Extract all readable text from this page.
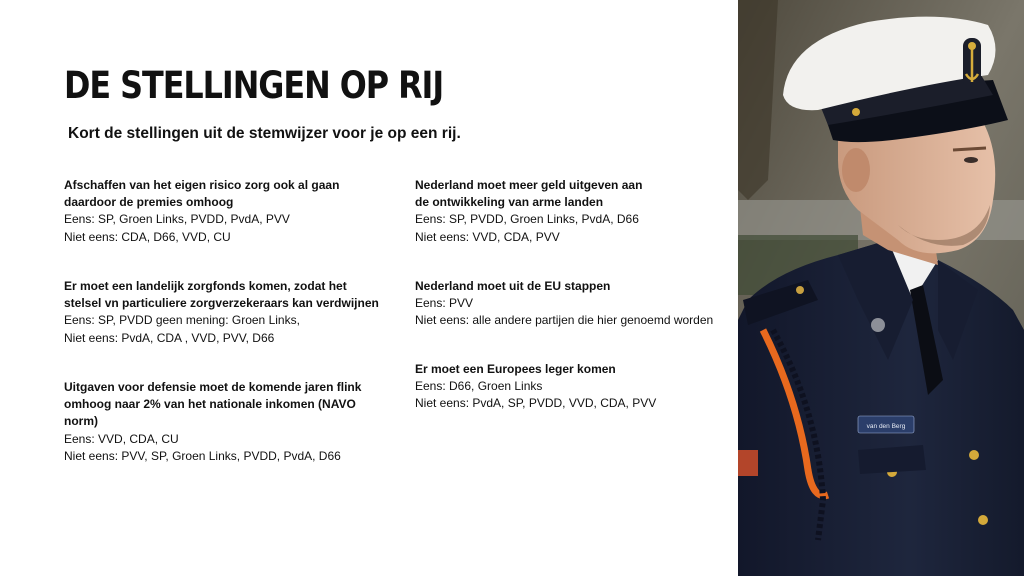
DE STELLINGEN OP RIJ
Kort de stellingen uit de stemwijzer voor je op een rij.
Afschaffen van het eigen risico zorg ook al gaan
daardoor de premies omhoog
Eens: SP, Groen Links, PVDD, PvdA, PVV
Niet eens: CDA, D66, VVD, CU
Er moet een landelijk zorgfonds komen, zodat het
stelsel vn particuliere zorgverzekeraars kan verdwijnen
Eens: SP, PVDD geen mening: Groen Links,
Niet eens: PvdA, CDA , VVD, PVV, D66
Uitgaven voor defensie moet de komende jaren flink
omhoog naar 2% van het nationale inkomen (NAVO
norm)
Eens: VVD, CDA, CU
Niet eens: PVV, SP, Groen Links, PVDD, PvdA, D66
Nederland moet meer geld uitgeven aan
de ontwikkeling van arme landen
Eens: SP, PVDD, Groen Links, PvdA, D66
Niet eens: VVD, CDA, PVV
Nederland moet uit de EU stappen
Eens: PVV
Niet eens: alle andere partijen die hier genoemd worden
Er moet een Europees leger komen
Eens: D66, Groen Links
Niet eens: PvdA, SP, PVDD, VVD, CDA, PVV
van den Berg
